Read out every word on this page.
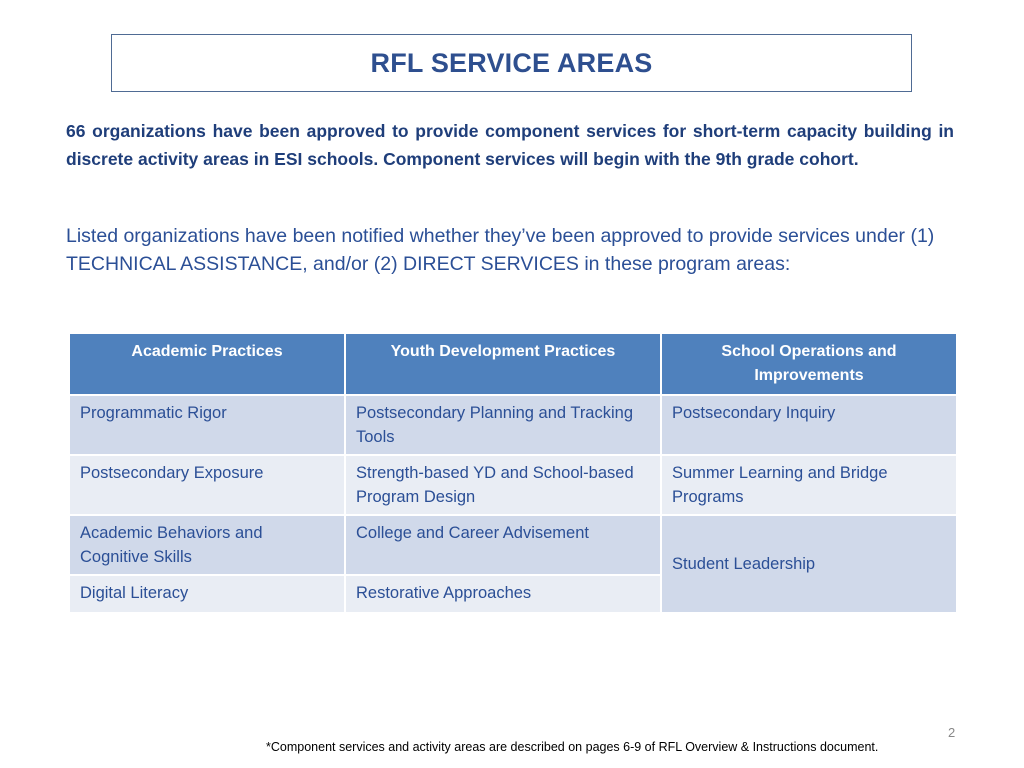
RFL SERVICE AREAS

66 organizations have been approved to provide component services for short-term capacity building in discrete activity areas in ESI schools. Component services will begin with the 9th grade cohort.

Listed organizations have been notified whether they’ve been approved to provide services under (1) TECHNICAL ASSISTANCE, and/or (2) DIRECT SERVICES in these program areas:

Academic Practices	Youth Development Practices	School Operations and Improvements
Programmatic Rigor	Postsecondary Planning and Tracking Tools	Postsecondary Inquiry
Postsecondary Exposure	Strength-based YD and School-based Program Design	Summer Learning and Bridge Programs
Academic Behaviors and Cognitive Skills	College and Career Advisement	Student Leadership
Digital Literacy	Restorative Approaches	
2
*Component services and activity areas are described on pages 6-9 of RFL Overview & Instructions document.
